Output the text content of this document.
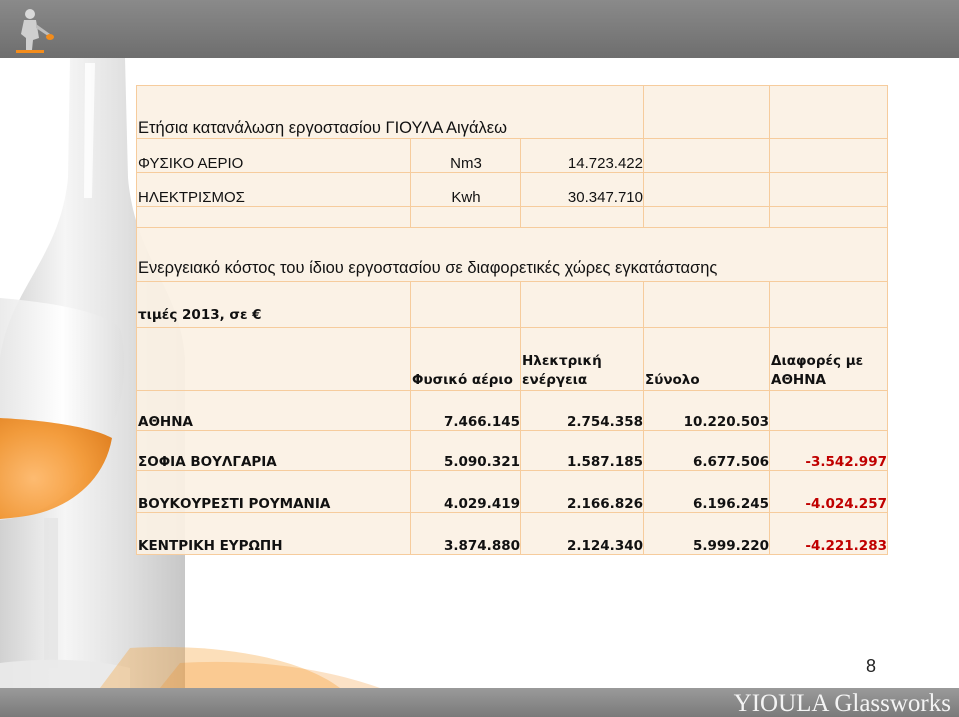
Ετήσια κατανάλωση εργοστασίου ΓΙΟΥΛΑ Αιγάλεω				
ΦΥΣΙΚΟ ΑΕΡΙΟ	Nm3	14.723.422		
ΗΛΕΚΤΡΙΣΜΟΣ	Kwh	30.347.710		

Ενεργειακό κόστος του ίδιου εργοστασίου σε διαφορετικές χώρες εγκατάστασης				
τιμές 2013, σε €				
	Φυσικό αέριο	Ηλεκτρική ενέργεια	Σύνολο	Διαφορές με ΑΘΗΝΑ
ΑΘΗΝΑ	7.466.145	2.754.358	10.220.503	
ΣΟΦΙΑ ΒΟΥΛΓΑΡΙΑ	5.090.321	1.587.185	6.677.506	-3.542.997
ΒΟΥΚΟΥΡΕΣΤΙ ΡΟΥΜΑΝΙΑ	4.029.419	2.166.826	6.196.245	-4.024.257
ΚΕΝΤΡΙΚΗ ΕΥΡΩΠΗ	3.874.880	2.124.340	5.999.220	-4.221.283
8
YIOULA Glassworks
